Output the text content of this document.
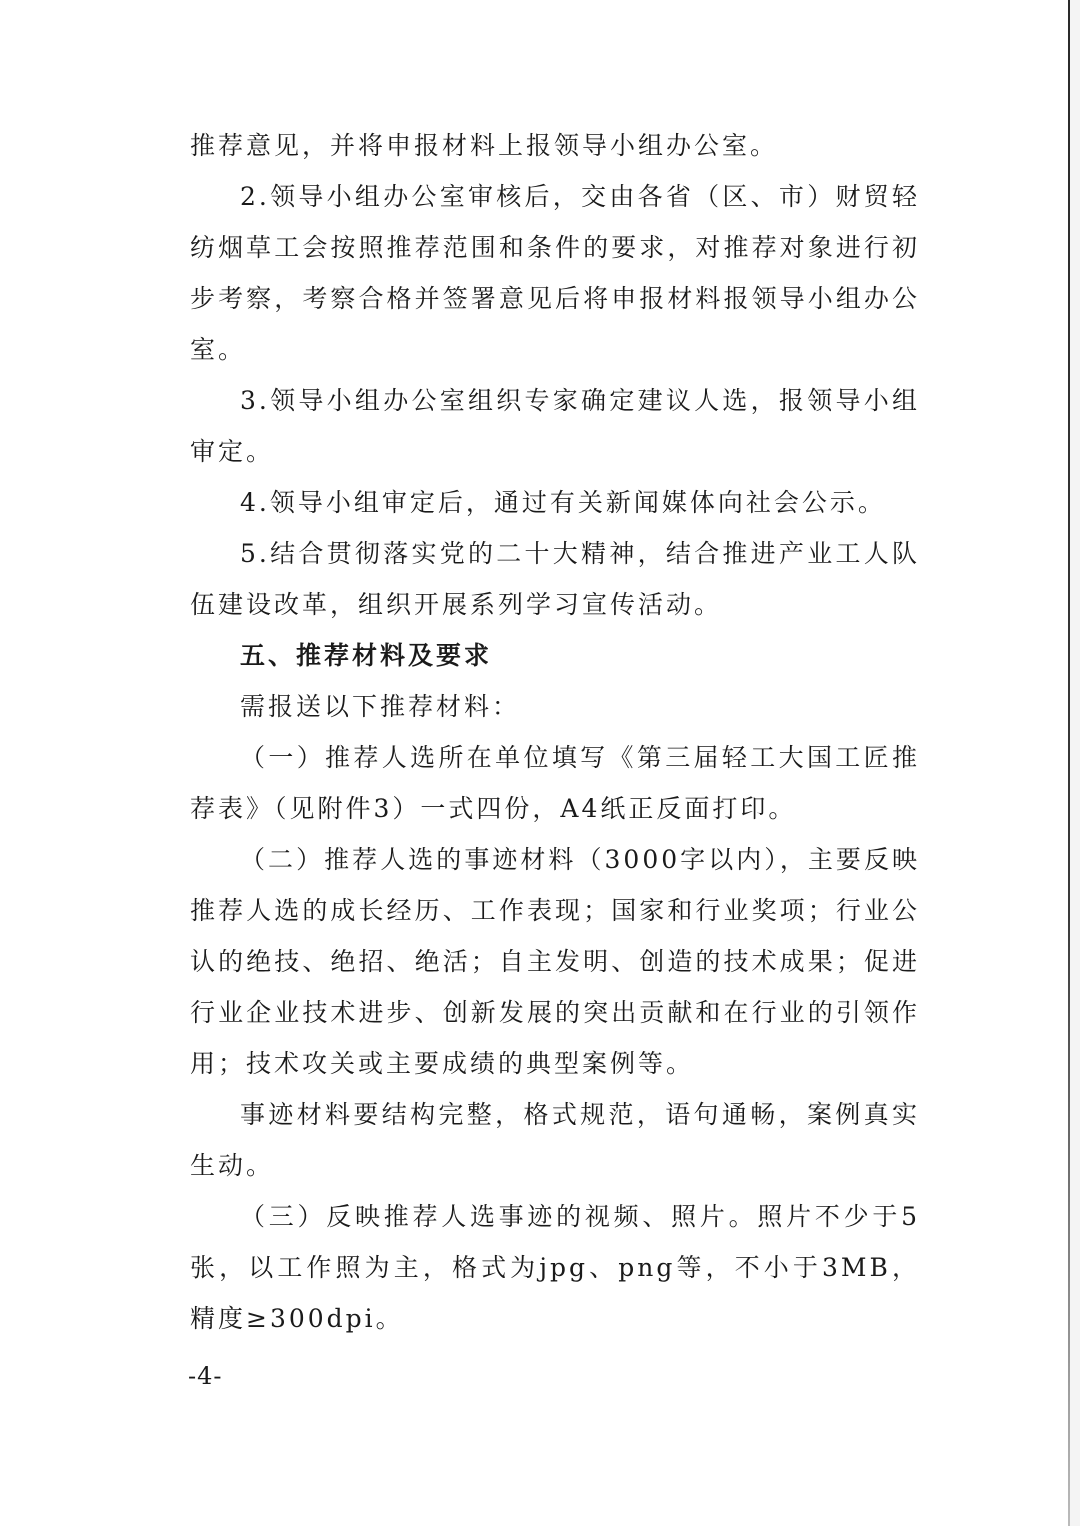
推荐意见，并将申报材料上报领导小组办公室。

2.领导小组办公室审核后，交由各省（区、市）财贸轻纺烟草工会按照推荐范围和条件的要求，对推荐对象进行初步考察，考察合格并签署意见后将申报材料报领导小组办公室。

3.领导小组办公室组织专家确定建议人选，报领导小组审定。

4.领导小组审定后，通过有关新闻媒体向社会公示。

5.结合贯彻落实党的二十大精神，结合推进产业工人队伍建设改革，组织开展系列学习宣传活动。

五、推荐材料及要求

需报送以下推荐材料：

（一）推荐人选所在单位填写《第三届轻工大国工匠推荐表》（见附件3）一式四份，A4纸正反面打印。

（二）推荐人选的事迹材料（3000字以内），主要反映推荐人选的成长经历、工作表现；国家和行业奖项；行业公认的绝技、绝招、绝活；自主发明、创造的技术成果；促进行业企业技术进步、创新发展的突出贡献和在行业的引领作用；技术攻关或主要成绩的典型案例等。

事迹材料要结构完整，格式规范，语句通畅，案例真实生动。

（三）反映推荐人选事迹的视频、照片。照片不少于5张，以工作照为主，格式为jpg、png等，不小于3MB，精度≥300dpi。

-4-
